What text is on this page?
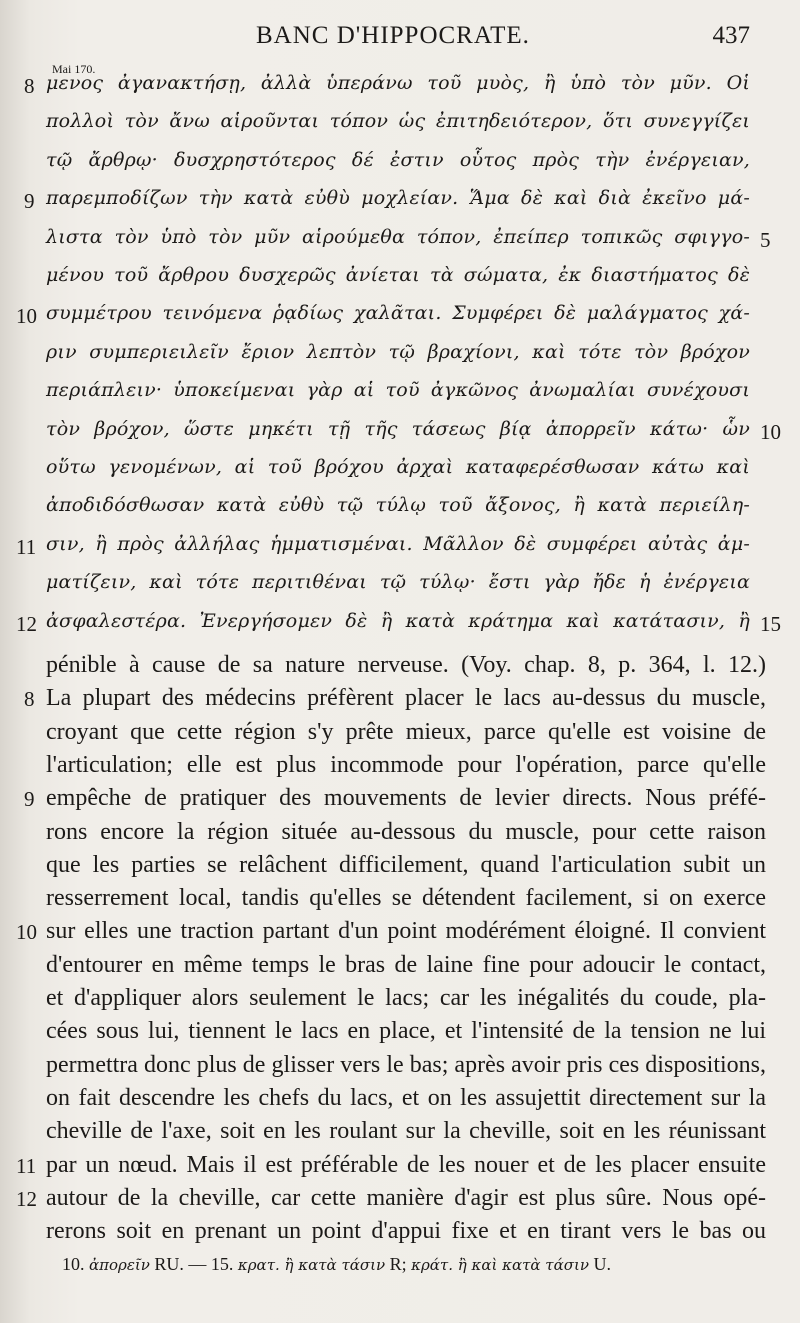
BANC D'HIPPOCRATE.	437
Mai 170.
μενος ἀγανακτήσῃ, ἀλλὰ ὑπεράνω τοῦ μυὸς, ἢ ὑπὸ τὸν μῦν. Οἱ
πολλοὶ τὸν ἄνω αἱροῦνται τόπον ὡς ἐπιτηδειότερον, ὅτι συνεγγίζει
τῷ ἄρθρῳ· δυσχρηστότερος δέ ἐστιν οὗτος πρὸς τὴν ἐνέργειαν,
παρεμποδίζων τὴν κατὰ εὐθὺ μοχλείαν. Ἅμα δὲ καὶ διὰ ἐκεῖνο μά-
λιστα τὸν ὑπὸ τὸν μῦν αἱρούμεθα τόπον, ἐπείπερ τοπικῶς σφιγγο-
μένου τοῦ ἄρθρου δυσχερῶς ἀνίεται τὰ σώματα, ἐκ διαστήματος δὲ
συμμέτρου τεινόμενα ῥᾳδίως χαλᾶται. Συμφέρει δὲ μαλάγματος χά-
ριν συμπεριειλεῖν ἔριον λεπτὸν τῷ βραχίονι, καὶ τότε τὸν βρόχον
περιάπλειν· ὑποκείμεναι γὰρ αἱ τοῦ ἀγκῶνος ἀνωμαλίαι συνέχουσι
τὸν βρόχον, ὥστε μηκέτι τῇ τῆς τάσεως βίᾳ ἀπορρεῖν κάτω· ὧν
οὕτω γενομένων, αἱ τοῦ βρόχου ἀρχαὶ καταφερέσθωσαν κάτω καὶ
ἀποδιδόσθωσαν κατὰ εὐθὺ τῷ τύλῳ τοῦ ἄξονος, ἢ κατὰ περιείλη-
σιν, ἢ πρὸς ἀλλήλας ἡμματισμέναι. Μᾶλλον δὲ συμφέρει αὐτὰς ἀμ-
ματίζειν, καὶ τότε περιτιθέναι τῷ τύλῳ· ἔστι γὰρ ἤδε ἡ ἐνέργεια
ἀσφαλεστέρα. Ἐνεργήσομεν δὲ ἢ κατὰ κράτημα καὶ κατάτασιν, ἢ
8
9
10
11
12
5
10
15
pénible à cause de sa nature nerveuse. (Voy. chap. 8, p. 364, l. 12.)
La plupart des médecins préfèrent placer le lacs au-dessus du muscle,
croyant que cette région s'y prête mieux, parce qu'elle est voisine de
l'articulation; elle est plus incommode pour l'opération, parce qu'elle
empêche de pratiquer des mouvements de levier directs. Nous préfé-
rons encore la région située au-dessous du muscle, pour cette raison
que les parties se relâchent difficilement, quand l'articulation subit un
resserrement local, tandis qu'elles se détendent facilement, si on exerce
sur elles une traction partant d'un point modérément éloigné. Il convient
d'entourer en même temps le bras de laine fine pour adoucir le contact,
et d'appliquer alors seulement le lacs; car les inégalités du coude, pla-
cées sous lui, tiennent le lacs en place, et l'intensité de la tension ne lui
permettra donc plus de glisser vers le bas; après avoir pris ces dispositions,
on fait descendre les chefs du lacs, et on les assujettit directement sur la
cheville de l'axe, soit en les roulant sur la cheville, soit en les réunissant
par un nœud. Mais il est préférable de les nouer et de les placer ensuite
autour de la cheville, car cette manière d'agir est plus sûre. Nous opé-
rerons soit en prenant un point d'appui fixe et en tirant vers le bas ou
8
9
10
11
12
10. ἀπορεῖν RU. — 15. κρατ. ἢ κατὰ τάσιν R; κράτ. ἢ καὶ κατὰ τάσιν U.
